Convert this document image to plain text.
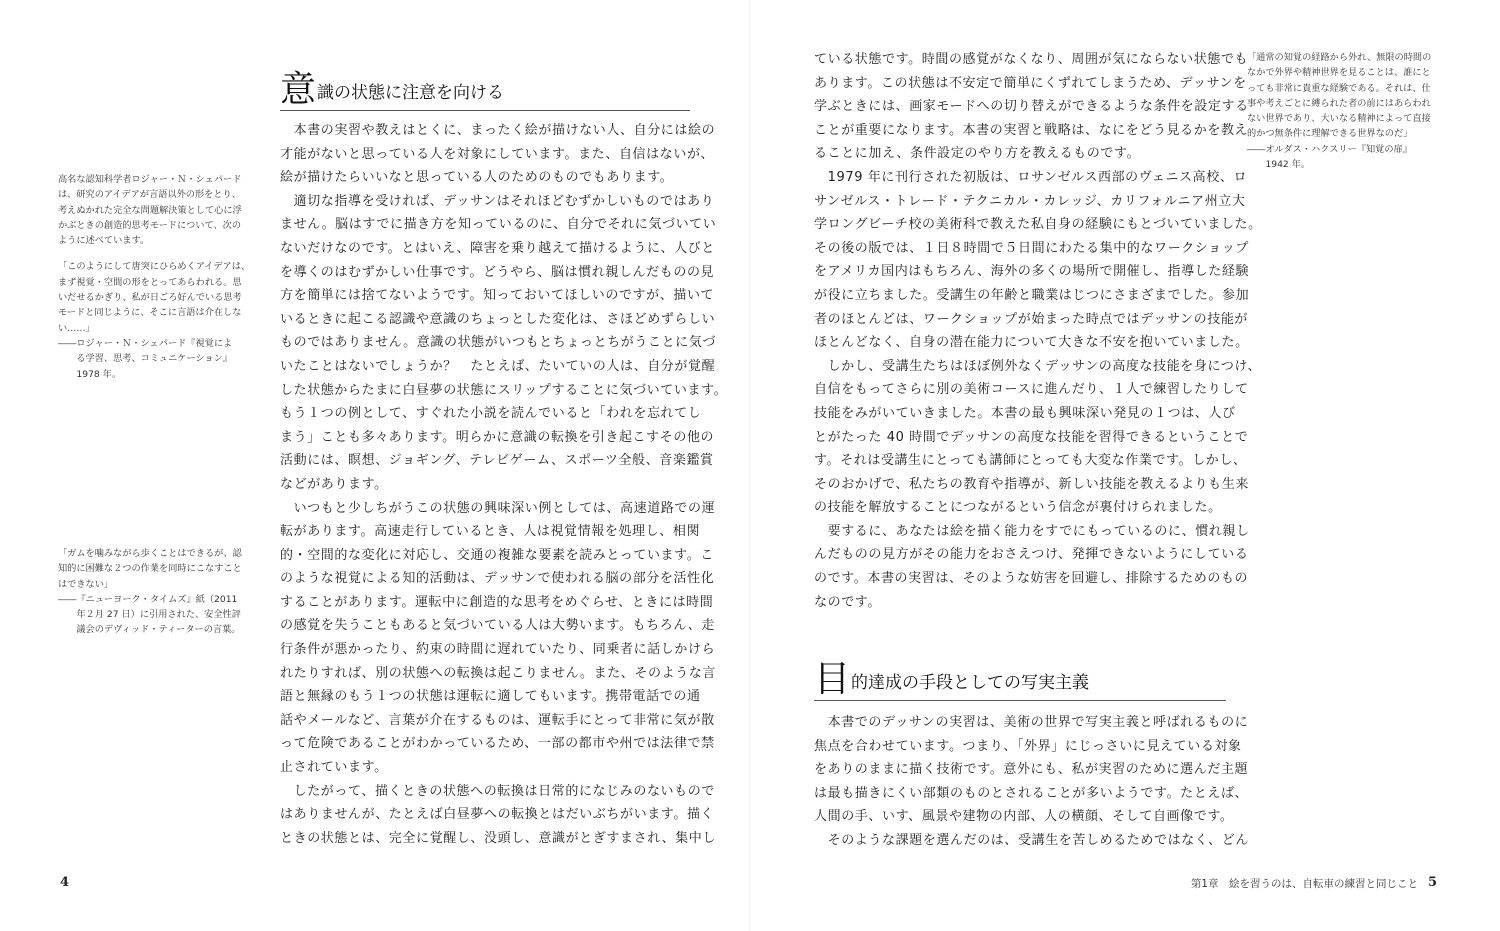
意 識の状態に注意を向ける
　本書の実習や教えはとくに、まったく絵が描けない人、自分には絵の
才能がないと思っている人を対象にしています。また、自信はないが、
絵が描けたらいいなと思っている人のためのものでもあります。
　適切な指導を受ければ、デッサンはそれほどむずかしいものではあり
ません。脳はすでに描き方を知っているのに、自分でそれに気づいてい
ないだけなのです。とはいえ、障害を乗り越えて描けるように、人びと
を導くのはむずかしい仕事です。どうやら、脳は慣れ親しんだものの見
方を簡単には捨てないようです。知っておいてほしいのですが、描いて
いるときに起こる認識や意識のちょっとした変化は、さほどめずらしい
ものではありません。意識の状態がいつもとちょっとちがうことに気づ
いたことはないでしょうか？　たとえば、たいていの人は、自分が覚醒
した状態からたまに白昼夢の状態にスリップすることに気づいています。
もう１つの例として、すぐれた小説を読んでいると「われを忘れてし
まう」ことも多々あります。明らかに意識の転換を引き起こすその他の
活動には、瞑想、ジョギング、テレビゲーム、スポーツ全般、音楽鑑賞
などがあります。
　いつもと少しちがうこの状態の興味深い例としては、高速道路での運
転があります。高速走行しているとき、人は視覚情報を処理し、相関
的・空間的な変化に対応し、交通の複雑な要素を読みとっています。こ
のような視覚による知的活動は、デッサンで使われる脳の部分を活性化
することがあります。運転中に創造的な思考をめぐらせ、ときには時間
の感覚を失うこともあると気づいている人は大勢います。もちろん、走
行条件が悪かったり、約束の時間に遅れていたり、同乗者に話しかけら
れたりすれば、別の状態への転換は起こりません。また、そのような言
語と無縁のもう１つの状態は運転に適してもいます。携帯電話での通
話やメールなど、言葉が介在するものは、運転手にとって非常に気が散
って危険であることがわかっているため、一部の都市や州では法律で禁
止されています。
　したがって、描くときの状態への転換は日常的になじみのないもので
はありませんが、たとえば白昼夢への転換とはだいぶちがいます。描く
ときの状態とは、完全に覚醒し、没頭し、意識がとぎすまされ、集中し
高名な認知科学者ロジャー・Ｎ・シェパード
は、研究のアイデアが言語以外の形をとり、
考えぬかれた完全な問題解決策として心に浮
かぶときの創造的思考モードについて、次の
ように述べています。
「このようにして唐突にひらめくアイデアは、
まず視覚・空間の形をとってあらわれる。思
いだせるかぎり、私が日ごろ好んでいる思考
モードと同じように、そこに言語は介在しな
い……」
――ロジャー・Ｎ・シェパード『視覚によ
　　る学習、思考、コミュニケーション』
　　1978 年。
「ガムを噛みながら歩くことはできるが、認
知的に困難な２つの作業を同時にこなすこと
はできない」
――『ニューヨーク・タイムズ』紙（2011
　　年２月 27 日）に引用された、安全性評
　　議会のデヴィッド・ティーターの言葉。
4
ている状態です。時間の感覚がなくなり、周囲が気にならない状態でも
あります。この状態は不安定で簡単にくずれてしまうため、デッサンを
学ぶときには、画家モードへの切り替えができるような条件を設定する
ことが重要になります。本書の実習と戦略は、なにをどう見るかを教え
ることに加え、条件設定のやり方を教えるものです。
　1979 年に刊行された初版は、ロサンゼルス西部のヴェニス高校、ロ
サンゼルス・トレード・テクニカル・カレッジ、カリフォルニア州立大
学ロングビーチ校の美術科で教えた私自身の経験にもとづいていました。
その後の版では、１日８時間で５日間にわたる集中的なワークショップ
をアメリカ国内はもちろん、海外の多くの場所で開催し、指導した経験
が役に立ちました。受講生の年齢と職業はじつにさまざまでした。参加
者のほとんどは、ワークショップが始まった時点ではデッサンの技能が
ほとんどなく、自身の潜在能力について大きな不安を抱いていました。
　しかし、受講生たちはほぼ例外なくデッサンの高度な技能を身につけ、
自信をもってさらに別の美術コースに進んだり、１人で練習したりして
技能をみがいていきました。本書の最も興味深い発見の１つは、人び
とがたった 40 時間でデッサンの高度な技能を習得できるということで
す。それは受講生にとっても講師にとっても大変な作業です。しかし、
そのおかげで、私たちの教育や指導が、新しい技能を教えるよりも生来
の技能を解放することにつながるという信念が裏付けられました。
　要するに、あなたは絵を描く能力をすでにもっているのに、慣れ親し
んだものの見方がその能力をおさえつけ、発揮できないようにしている
のです。本書の実習は、そのような妨害を回避し、排除するためのもの
なのです。
目 的達成の手段としての写実主義
　本書でのデッサンの実習は、美術の世界で写実主義と呼ばれるものに
焦点を合わせています。つまり、「外界」にじっさいに見えている対象
をありのままに描く技術です。意外にも、私が実習のために選んだ主題
は最も描きにくい部類のものとされることが多いようです。たとえば、
人間の手、いす、風景や建物の内部、人の横顔、そして自画像です。
　そのような課題を選んだのは、受講生を苦しめるためではなく、どん
「通常の知覚の経路から外れ、無限の時間の
なかで外界や精神世界を見ることは、誰にと
っても非常に貴重な経験である。それは、仕
事や考えごとに縛られた者の前にはあらわれ
ない世界であり、大いなる精神によって直接
的かつ無条件に理解できる世界なのだ」
――オルダス・ハクスリー『知覚の扉』
　　1942 年。
第1章　絵を習うのは、自転車の練習と同じこと 5
